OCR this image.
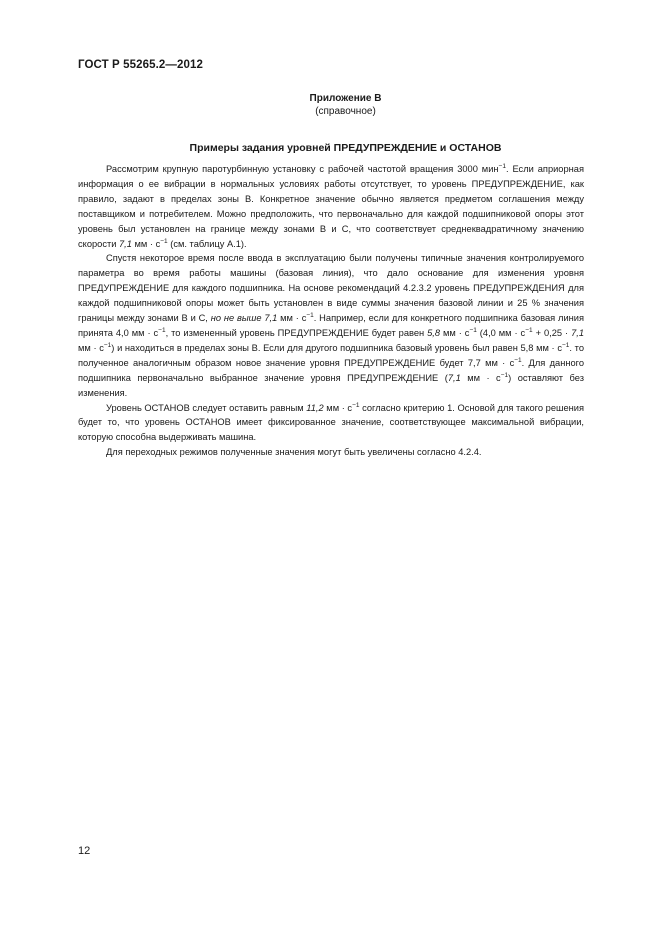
ГОСТ Р 55265.2—2012
Приложение В
(справочное)
Примеры задания уровней ПРЕДУПРЕЖДЕНИЕ и ОСТАНОВ

Рассмотрим крупную паротурбинную установку с рабочей частотой вращения 3000 мин$^{-1}$. Если априорная информация о ее вибрации в нормальных условиях работы отсутствует, то уровень ПРЕДУПРЕЖДЕНИЕ, как правило, задают в пределах зоны В. Конкретное значение обычно является предметом соглашения между поставщиком и потребителем. Можно предположить, что первоначально для каждой подшипниковой опоры этот уровень был установлен на границе между зонами В и С, что соответствует среднеквадратичному значению скорости 7,1 мм · $с^{-1}$ (см. таблицу А.1).

Спустя некоторое время после ввода в эксплуатацию были получены типичные значения контролируемого параметра во время работы машины (базовая линия), что дало основание для изменения уровня ПРЕДУПРЕЖДЕНИЕ для каждого подшипника. На основе рекомендаций 4.2.3.2 уровень ПРЕДУПРЕЖДЕНИЯ для каждой подшипниковой опоры может быть установлен в виде суммы значения базовой линии и 25 % значения границы между зонами В и С, но не выше 7,1 мм · $с^{-1}$. Например, если для конкретного подшипника базовая линия принята 4,0 мм · $с^{-1}$, то измененный уровень ПРЕДУПРЕЖДЕНИЕ будет равен 5,8 мм · $с^{-1}$ (4,0 мм · $с^{-1} + 0,25 \cdot 7,1$ мм · $с^{-1}$) и находиться в пределах зоны В. Если для другого подшипника базовый уровень был равен 5,8 мм · $с^{-1}$. то полученное аналогичным образом новое значение уровня ПРЕДУПРЕЖДЕНИЕ будет 7,7 мм · $с^{-1}$. Для данного подшипника первоначально выбранное значение уровня ПРЕДУПРЕЖДЕНИЕ (7,1 мм · $с^{-1}$) оставляют без изменения.

Уровень ОСТАНОВ следует оставить равным 11,2 мм · $с^{-1}$ согласно критерию 1. Основой для такого решения будет то, что уровень ОСТАНОВ имеет фиксированное значение, соответствующее максимальной вибрации, которую способна выдерживать машина.

Для переходных режимов полученные значения могут быть увеличены согласно 4.2.4.

12
